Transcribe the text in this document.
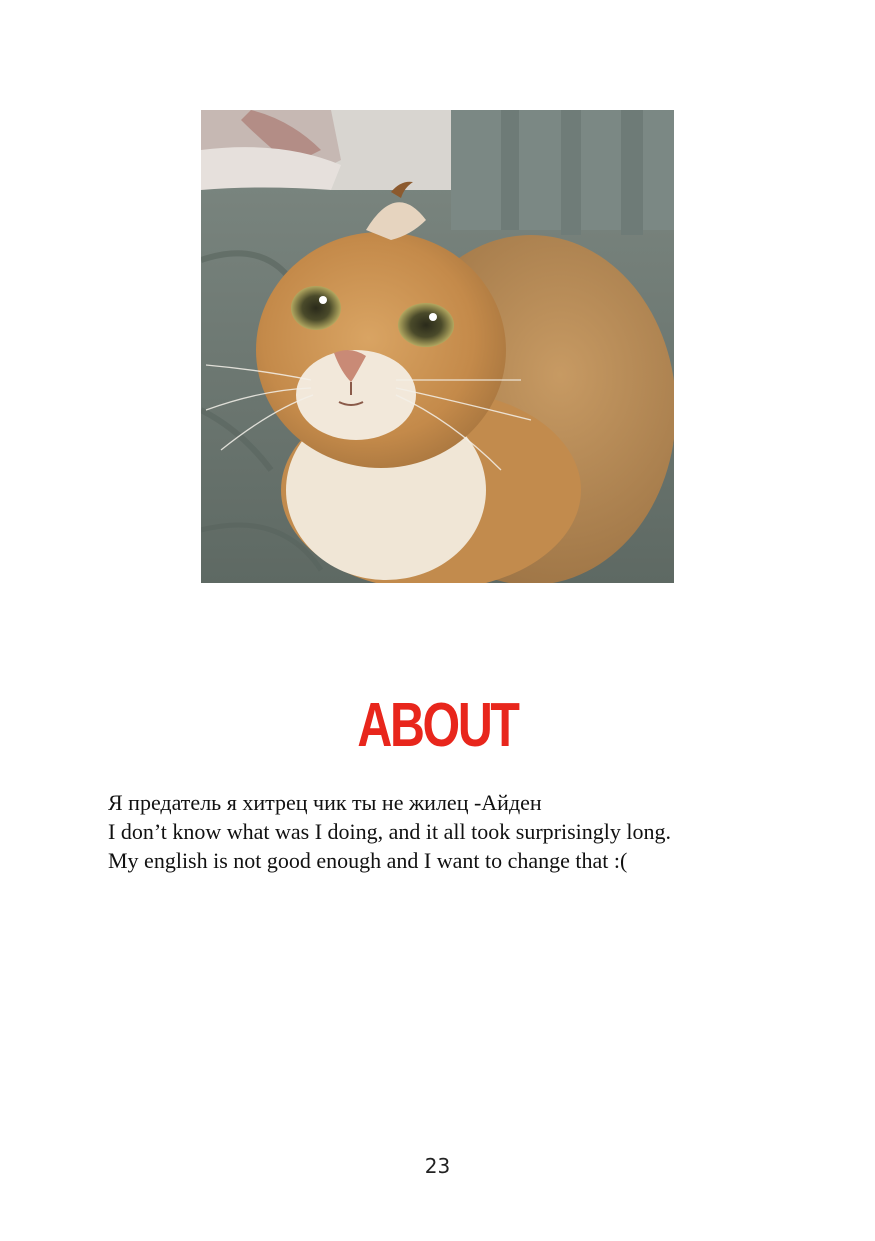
ABOUT

Я предатель я хитрец чик ты не жилец -Айден

I don’t know what was I doing, and it all took surprisingly long.

My english is not good enough and I want to change that :(

23
